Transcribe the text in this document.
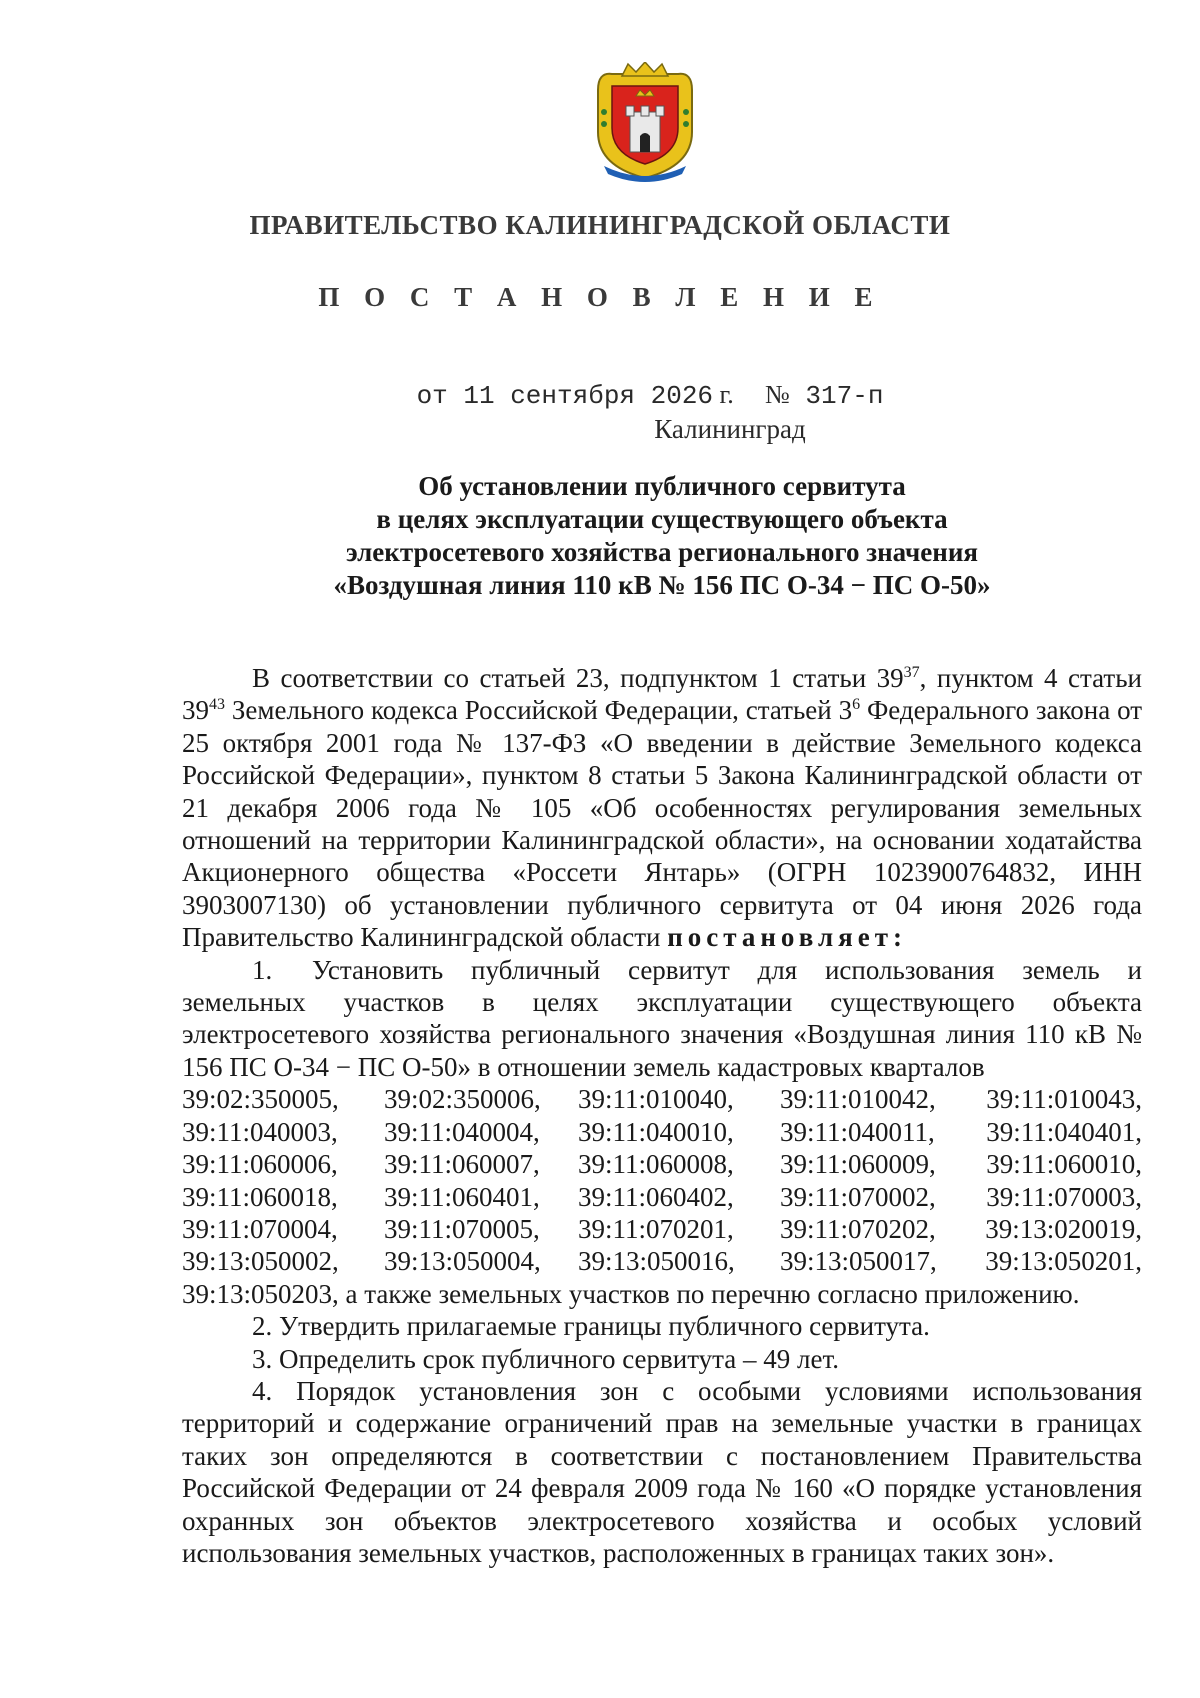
ПРАВИТЕЛЬСТВО КАЛИНИНГРАДСКОЙ ОБЛАСТИ
П О С Т А Н О В Л Е Н И Е
от 11 сентября 2026 г. № 317-п
Калининград
Об установлении публичного сервитута
в целях эксплуатации существующего объекта
электросетевого хозяйства регионального значения
«Воздушная линия 110 кВ № 156 ПС О-34 − ПС О-50»

В соответствии со статьей 23, подпунктом 1 статьи $39^{37}$, пунктом 4 статьи $39^{43}$ Земельного кодекса Российской Федерации, статьей $3^6$ Федерального закона от 25 октября 2001 года № 137-ФЗ «О введении в действие Земельного кодекса Российской Федерации», пунктом 8 статьи 5 Закона Калининградской области от 21 декабря 2006 года № 105 «Об особенностях регулирования земельных отношений на территории Калининградской области», на основании ходатайства Акционерного общества «Россети Янтарь» (ОГРН 1023900764832, ИНН 3903007130) об установлении публичного сервитута от 04 июня 2026 года Правительство Калининградской области постановляет:

1. Установить публичный сервитут для использования земель и земельных участков в целях эксплуатации существующего объекта электросетевого хозяйства регионального значения «Воздушная линия 110 кВ № 156 ПС О-34 − ПС О-50» в отношении земель кадастровых кварталов

39:02:350005,	39:02:350006,	39:11:010040,	39:11:010042,	39:11:010043,
39:11:040003,	39:11:040004,	39:11:040010,	39:11:040011,	39:11:040401,
39:11:060006,	39:11:060007,	39:11:060008,	39:11:060009,	39:11:060010,
39:11:060018,	39:11:060401,	39:11:060402,	39:11:070002,	39:11:070003,
39:11:070004,	39:11:070005,	39:11:070201,	39:11:070202,	39:13:020019,
39:13:050002,	39:13:050004,	39:13:050016,	39:13:050017,	39:13:050201,

39:13:050203, а также земельных участков по перечню согласно приложению.

2. Утвердить прилагаемые границы публичного сервитута.

3. Определить срок публичного сервитута – 49 лет.

4. Порядок установления зон с особыми условиями использования территорий и содержание ограничений прав на земельные участки в границах таких зон определяются в соответствии с постановлением Правительства Российской Федерации от 24 февраля 2009 года № 160 «О порядке установления охранных зон объектов электросетевого хозяйства и особых условий использования земельных участков, расположенных в границах таких зон».
